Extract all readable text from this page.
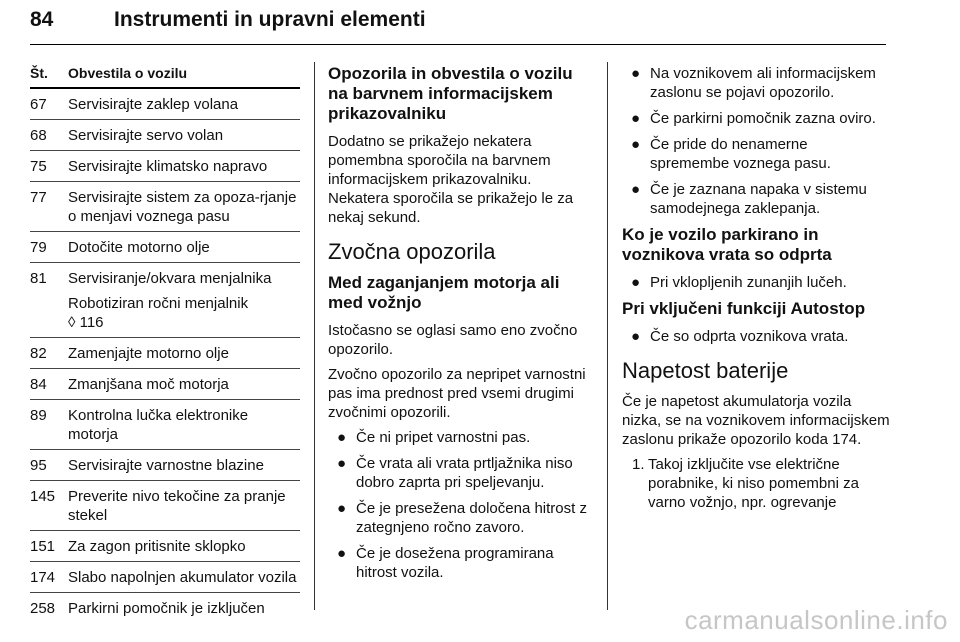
84	Instrumenti in upravni elementi
Št.	Obvestila o vozilu
67	Servisirajte zaklep volana
68	Servisirajte servo volan
75	Servisirajte klimatsko napravo
77	Servisirajte sistem za opoza-rjanje o menjavi voznega pasu
79	Dotočite motorno olje
81	Servisiranje/okvara menjalnika
Robotiziran ročni menjalnik
◊ 116
82	Zamenjajte motorno olje
84	Zmanjšana moč motorja
89	Kontrolna lučka elektronike motorja
95	Servisirajte varnostne blazine
145 Preverite nivo tekočine za pranje stekel
151 Za zagon pritisnite sklopko
174 Slabo napolnjen akumulator vozila
258 Parkirni pomočnik je izključen
Opozorila in obvestila o vozilu na barvnem informacijskem prikazovalniku

Dodatno se prikažejo nekatera pomembna sporočila na barvnem informacijskem prikazovalniku. Nekatera sporočila se prikažejo le za nekaj sekund.

Zvočna opozorila
Med zaganjanjem motorja ali med vožnjo

Istočasno se oglasi samo eno zvočno opozorilo.

Zvočno opozorilo za nepripet varnostni pas ima prednost pred vsemi drugimi zvočnimi opozorili.

● Če ni pripet varnostni pas.
● Če vrata ali vrata prtljažnika niso dobro zaprta pri speljevanju.
● Če je presežena določena hitrost z zategnjeno ročno zavoro.
● Če je dosežena programirana hitrost vozila.
● Na voznikovem ali informacijskem zaslonu se pojavi opozorilo.
● Če parkirni pomočnik zazna oviro.
● Če pride do nenamerne spremembe voznega pasu.
● Če je zaznana napaka v sistemu samodejnega zaklepanja.
Ko je vozilo parkirano in voznikova vrata so odprta
● Pri vklopljenih zunanjih lučeh.
Pri vključeni funkciji Autostop
● Če so odprta voznikova vrata.
Napetost baterije

Če je napetost akumulatorja vozila nizka, se na voznikovem informacijskem zaslonu prikaže opozorilo koda 174.

1. Takoj izključite vse električne porabnike, ki niso pomembni za varno vožnjo, npr. ogrevanje
carmanualsonline.info
